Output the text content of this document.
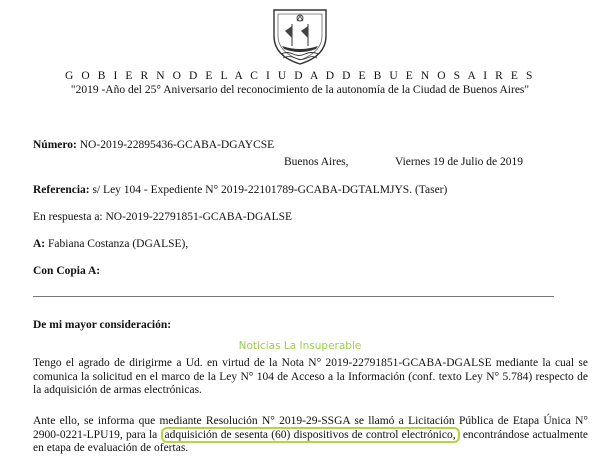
G O B I E R N O D E L A C I U D A D D E B U E N O S A I R E S
"2019 -Año del 25° Aniversario del reconocimiento de la autonomía de la Ciudad de Buenos Aires"
Número: NO-2019-22895436-GCABA-DGAYCSE
Buenos Aires,	Viernes 19 de Julio de 2019
Referencia: s/ Ley 104 - Expediente N° 2019-22101789-GCABA-DGTALMJYS. (Taser)
En respuesta a: NO-2019-22791851-GCABA-DGALSE
A: Fabiana Costanza (DGALSE),
Con Copia A:
De mi mayor consideración:
Noticias La Insuperable
Tengo el agrado de dirigirme a Ud. en virtud de la Nota N° 2019-22791851-GCABA-DGALSE mediante la cual se comunica la solicitud en el marco de la Ley N° 104 de Acceso a la Información (conf. texto Ley N° 5.784) respecto de la adquisición de armas electrónicas.
Ante ello, se informa que mediante Resolución N° 2019-29-SSGA se llamó a Licitación Pública de Etapa Única N° 2900-0221-LPU19, para la adquisición de sesenta (60) dispositivos de control electrónico, encontrándose actualmente en etapa de evaluación de ofertas.
